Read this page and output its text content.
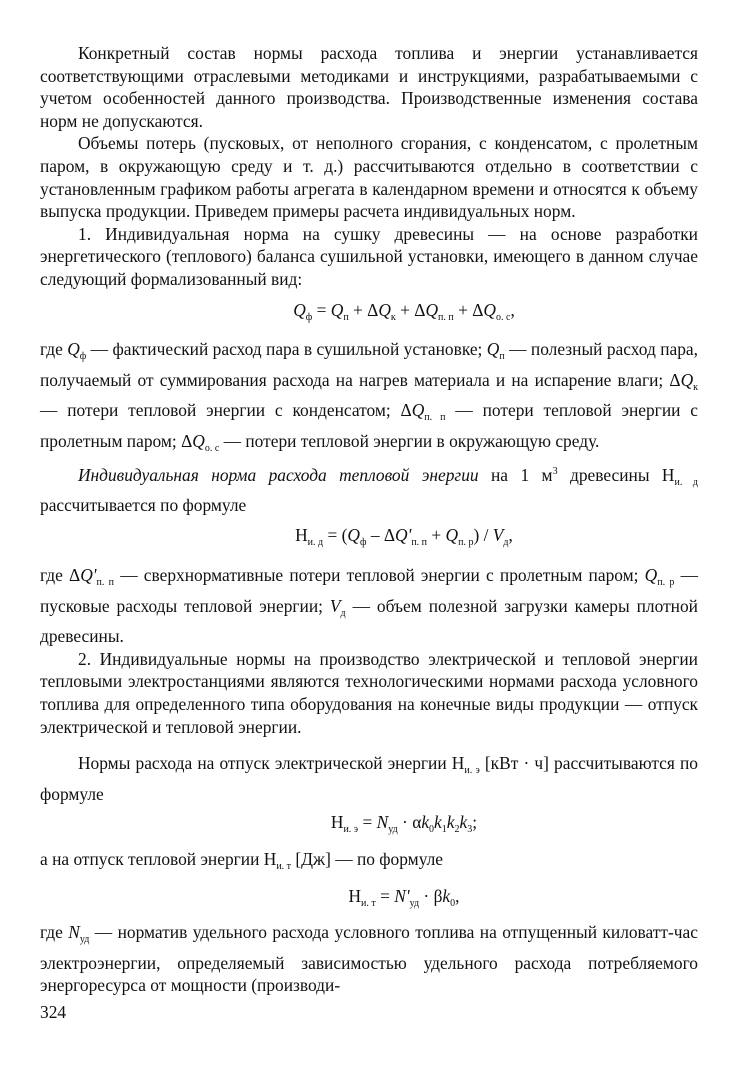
Конкретный состав нормы расхода топлива и энергии устанавливается соответствующими отраслевыми методиками и инструкциями, разрабатываемыми с учетом особенностей данного производства. Производственные изменения состава норм не допускаются.

Объемы потерь (пусковых, от неполного сгорания, с конденсатом, с пролетным паром, в окружающую среду и т. д.) рассчитываются отдельно в соответствии с установленным графиком работы агрегата в календарном времени и относятся к объему выпуска продукции. Приведем примеры расчета индивидуальных норм.

1. Индивидуальная норма на сушку древесины — на основе разработки энергетического (теплового) баланса сушильной установки, имеющего в данном случае следующий формализованный вид:

$Q_ф = Q_п + \Delta Q_к + \Delta Q_{п. п} + \Delta Q_{о. с}$,

где $Q_ф$ — фактический расход пара в сушильной установке; $Q_п$ — полезный расход пара, получаемый от суммирования расхода на нагрев материала и на испарение влаги; $\Delta Q_к$ — потери тепловой энергии с конденсатом; $\Delta Q_{п. п}$ — потери тепловой энергии с пролетным паром; $\Delta Q_{о. с}$ — потери тепловой энергии в окружающую среду.

Индивидуальная норма расхода тепловой энергии на 1 $м^3$ древесины $Н_{и. д}$ рассчитывается по формуле

$Н_{и. д} = (Q_ф - \Delta Q'_{п. п} + Q_{п. р}) / V_д$,

где $\Delta Q'_{п. п}$ — сверхнормативные потери тепловой энергии с пролетным паром; $Q_{п. р}$ — пусковые расходы тепловой энергии; $V_д$ — объем полезной загрузки камеры плотной древесины.

2. Индивидуальные нормы на производство электрической и тепловой энергии тепловыми электростанциями являются технологическими нормами расхода условного топлива для определенного типа оборудования на конечные виды продукции — отпуск электрической и тепловой энергии.

Нормы расхода на отпуск электрической энергии $Н_{и. э}$ [кВт · ч] рассчитываются по формуле

$Н_{и. э} = N_{уд} \cdot \alpha k_0k_1k_2k_3$;

а на отпуск тепловой энергии $Н_{и. т}$ [Дж] — по формуле

$Н_{и. т} = N'_{уд} \cdot \beta k_0$,

где $N_{уд}$ — норматив удельного расхода условного топлива на отпущенный киловатт-час электроэнергии, определяемый зависимостью удельного расхода потребляемого энергоресурса от мощности (производи-

324
